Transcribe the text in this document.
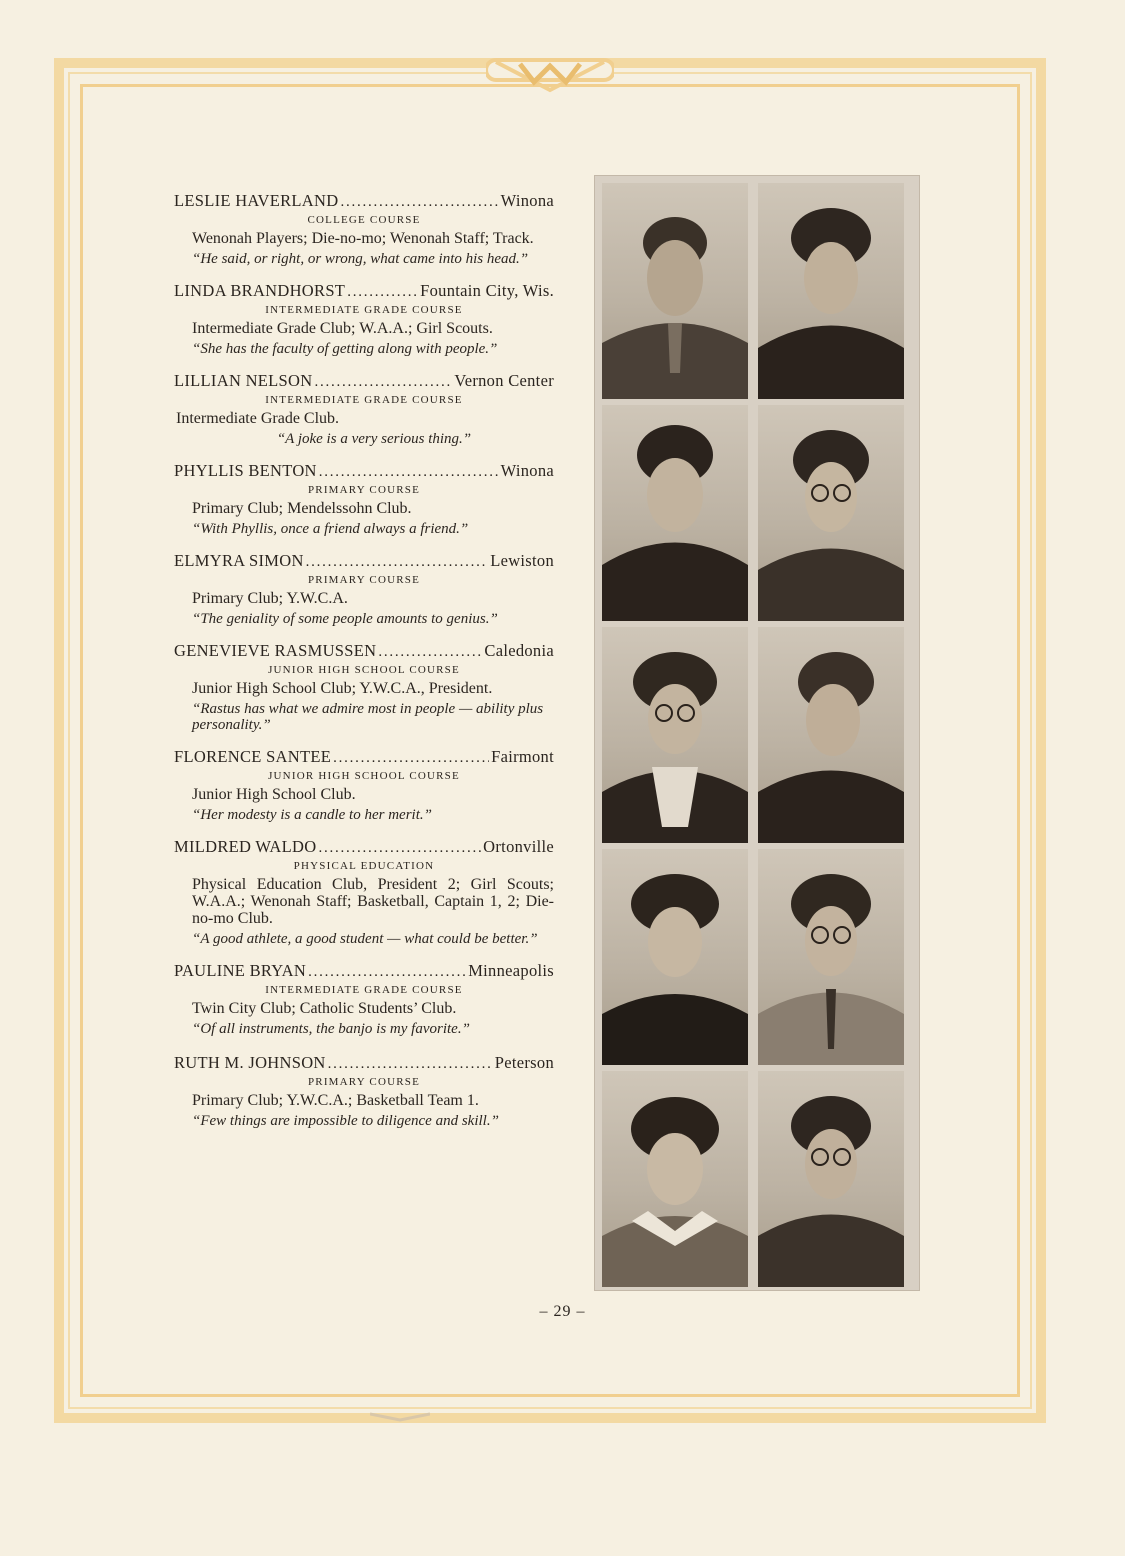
LESLIE HAVERLAND . . .	Winona
COLLEGE COURSE
Wenonah Players; Die-no-mo; Wenonah Staff; Track.
“He said, or right, or wrong, what came into his head.”
LINDA BRANDHORST . . .	Fountain City, Wis.
INTERMEDIATE GRADE COURSE
Intermediate Grade Club; W.A.A.; Girl Scouts.
“She has the faculty of getting along with people.”
LILLIAN NELSON . . .	Vernon Center
INTERMEDIATE GRADE COURSE
Intermediate Grade Club.
“A joke is a very serious thing.”
PHYLLIS BENTON . . .	Winona
PRIMARY COURSE
Primary Club; Mendelssohn Club.
“With Phyllis, once a friend always a friend.”
ELMYRA SIMON . . .	Lewiston
PRIMARY COURSE
Primary Club; Y.W.C.A.
“The geniality of some people amounts to genius.”
GENEVIEVE RASMUSSEN . . .	Caledonia
JUNIOR HIGH SCHOOL COURSE
Junior High School Club; Y.W.C.A., President.
“Rastus has what we admire most in people — ability plus personality.”
FLORENCE SANTEE . . .	Fairmont
JUNIOR HIGH SCHOOL COURSE
Junior High School Club.
“Her modesty is a candle to her merit.”
MILDRED WALDO . . .	Ortonville
PHYSICAL EDUCATION
Physical Education Club, President 2; Girl Scouts; W.A.A.; Wenonah Staff; Basketball, Captain 1, 2; Die-no-mo Club.
“A good athlete, a good student — what could be better.”
PAULINE BRYAN . . .	Minneapolis
INTERMEDIATE GRADE COURSE
Twin City Club; Catholic Students’ Club.
“Of all instruments, the banjo is my favorite.”
RUTH M. JOHNSON . . .	Peterson
PRIMARY COURSE
Primary Club; Y.W.C.A.; Basketball Team 1.
“Few things are impossible to diligence and skill.”
– 29 –
